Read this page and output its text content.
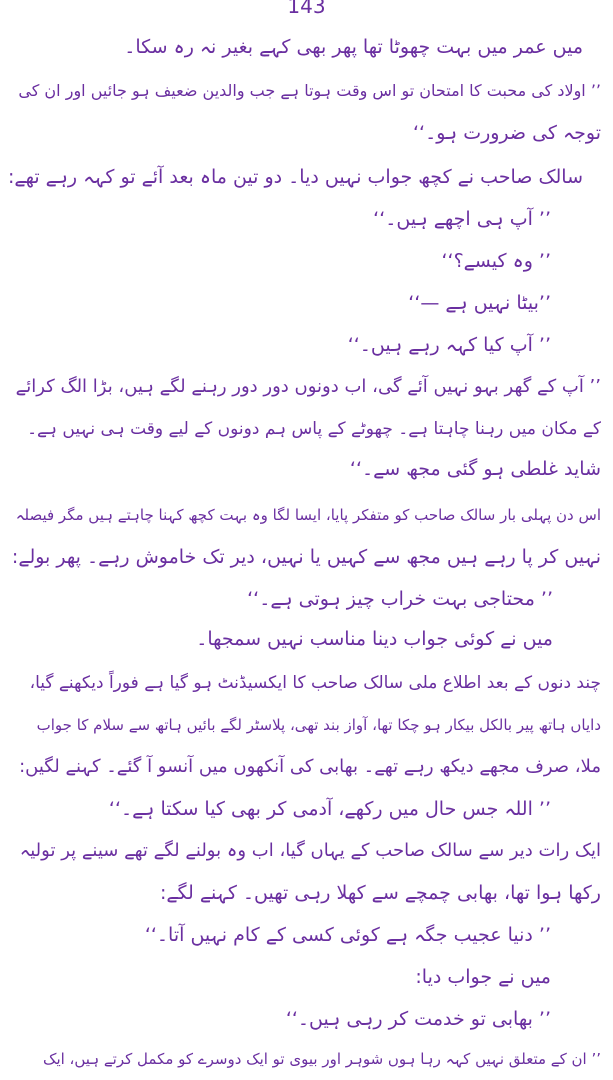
143
میں عمر میں بہت چھوٹا تھا پھر بھی کہے بغیر نہ رہ سکا۔
’’ اولاد کی محبت کا امتحان تو اس وقت ہوتا ہے جب والدین ضعیف ہو جائیں اور ان کی
توجہ کی ضرورت ہو۔‘‘
سالک صاحب نے کچھ جواب نہیں دیا۔ دو تین ماہ بعد آئے تو کہہ رہے تھے:
’’ آپ ہی اچھے ہیں۔‘‘
’’ وہ کیسے؟‘‘
’’بیٹا نہیں ہے —‘‘
’’ آپ کیا کہہ رہے ہیں۔‘‘
’’ آپ کے گھر بہو نہیں آئے گی، اب دونوں دور دور رہنے لگے ہیں، بڑا الگ کرائے
کے مکان میں رہنا چاہتا ہے۔ چھوٹے کے پاس ہم دونوں کے لیے وقت ہی نہیں ہے۔
شاید غلطی ہو گئی مجھ سے۔‘‘
اس دن پہلی بار سالک صاحب کو متفکر پایا، ایسا لگا وہ بہت کچھ کہنا چاہتے ہیں مگر فیصلہ
نہیں کر پا رہے ہیں مجھ سے کہیں یا نہیں، دیر تک خاموش رہے۔ پھر بولے:
’’ محتاجی بہت خراب چیز ہوتی ہے۔‘‘
میں نے کوئی جواب دینا مناسب نہیں سمجھا۔
چند دنوں کے بعد اطلاع ملی سالک صاحب کا ایکسیڈنٹ ہو گیا ہے فوراً دیکھنے گیا،
دایاں ہاتھ پیر بالکل بیکار ہو چکا تھا، آواز بند تھی، پلاسٹر لگے بائیں ہاتھ سے سلام کا جواب
ملا، صرف مجھے دیکھ رہے تھے۔ بھابی کی آنکھوں میں آنسو آ گئے۔ کہنے لگیں:
’’ اللہ جس حال میں رکھے، آدمی کر بھی کیا سکتا ہے۔‘‘
ایک رات دیر سے سالک صاحب کے یہاں گیا، اب وہ بولنے لگے تھے سینے پر تولیہ
رکھا ہوا تھا، بھابی چمچے سے کھلا رہی تھیں۔ کہنے لگے:
’’ دنیا عجیب جگہ ہے کوئی کسی کے کام نہیں آتا۔‘‘
میں نے جواب دیا:
’’ بھابی تو خدمت کر رہی ہیں۔‘‘
’’ ان کے متعلق نہیں کہہ رہا ہوں شوہر اور بیوی تو ایک دوسرے کو مکمل کرتے ہیں، ایک
